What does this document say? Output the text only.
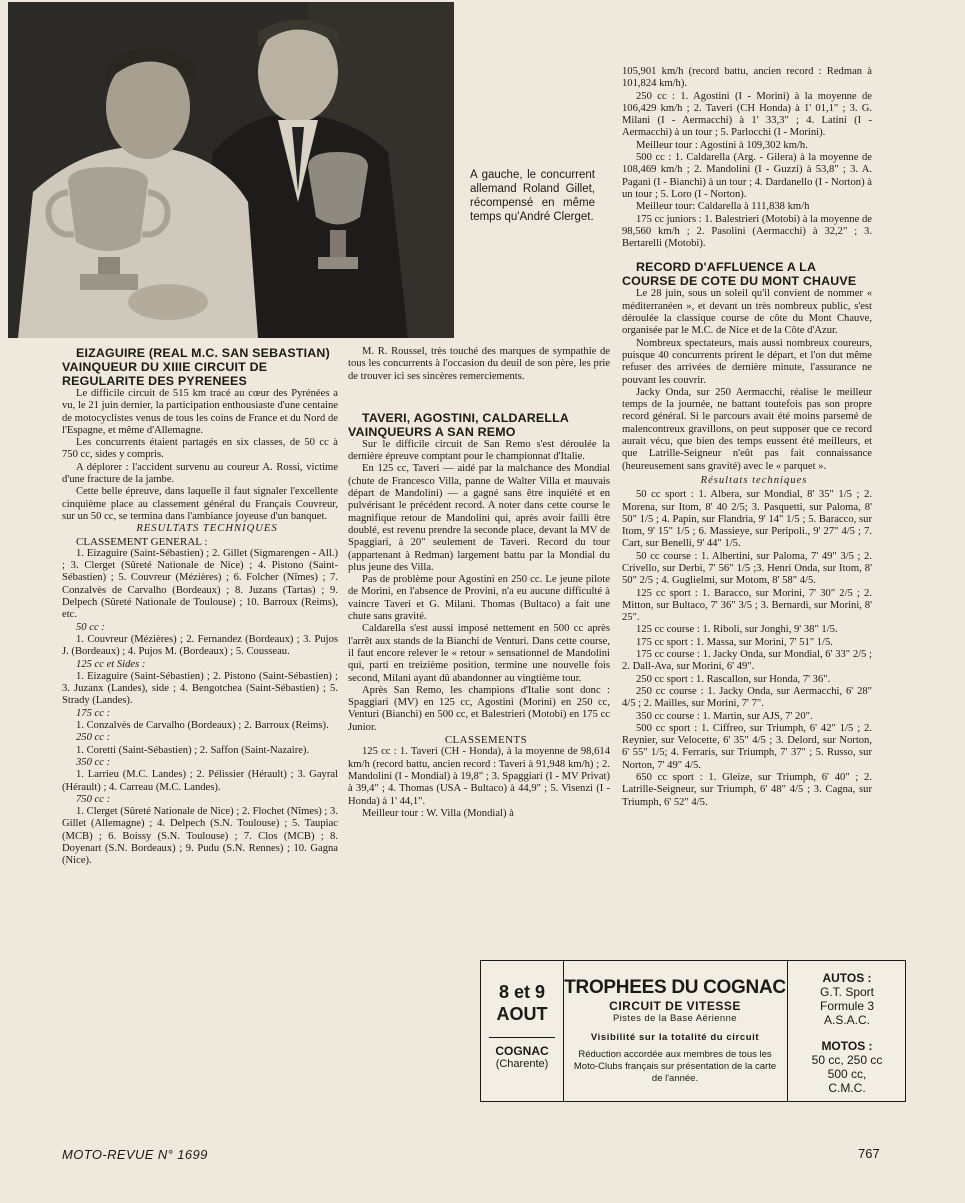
A gauche, le concurrent allemand Roland Gillet, récompensé en même temps qu'André Clerget.

EIZAGUIRE (REAL M.C. SAN SEBASTIAN) VAINQUEUR DU XIIIE CIRCUIT DE REGULARITE DES PYRENEES

Le difficile circuit de 515 km tracé au cœur des Pyrénées a vu, le 21 juin dernier, la participation enthousiaste d'une centaine de motocyclistes venus de tous les coins de France et du Nord de l'Espagne, et même d'Allemagne.

Les concurrents étaient partagés en six classes, de 50 cc à 750 cc, sides y compris.

A déplorer : l'accident survenu au coureur A. Rossi, victime d'une fracture de la jambe.

Cette belle épreuve, dans laquelle il faut signaler l'excellente cinquième place au classement général du Français Couvreur, sur un 50 cc, se termina dans l'ambiance joyeuse d'un banquet.

RESULTATS TECHNIQUES

CLASSEMENT GENERAL :

1. Eizaguire (Saint-Sébastien) ; 2. Gillet (Sigmarengen - All.) ; 3. Clerget (Sûreté Nationale de Nice) ; 4. Pistono (Saint-Sébastien) ; 5. Couvreur (Mézières) ; 6. Folcher (Nîmes) ; 7. Conzalvès de Carvalho (Bordeaux) ; 8. Juzans (Tartas) ; 9. Delpech (Sûreté Nationale de Toulouse) ; 10. Barroux (Reims), etc.

50 cc :

1. Couvreur (Mézières) ; 2. Fernandez (Bordeaux) ; 3. Pujos J. (Bordeaux) ; 4. Pujos M. (Bordeaux) ; 5. Cousseau.

125 cc et Sides :

1. Eizaguire (Saint-Sébastien) ; 2. Pistono (Saint-Sébastien) ; 3. Juzanx (Landes), side ; 4. Bengotchea (Saint-Sébastien) ; 5. Strady (Landes).

175 cc :

1. Conzalvès de Carvalho (Bordeaux) ; 2. Barroux (Reims).

250 cc :

1. Coretti (Saint-Sébastien) ; 2. Saffon (Saint-Nazaire).

350 cc :

1. Larrieu (M.C. Landes) ; 2. Pélissier (Hérault) ; 3. Gayral (Hérault) ; 4. Carreau (M.C. Landes).

750 cc :

1. Clerget (Sûreté Nationale de Nice) ; 2. Flochet (Nîmes) ; 3. Gillet (Allemagne) ; 4. Delpech (S.N. Toulouse) ; 5. Taupiac (MCB) ; 6. Boissy (S.N. Toulouse) ; 7. Clos (MCB) ; 8. Doyenart (S.N. Bordeaux) ; 9. Pudu (S.N. Rennes) ; 10. Gagna (Nice).

M. R. Roussel, très touché des marques de sympathie de tous les concurrents à l'occasion du deuil de son père, les prie de trouver ici ses sincères remerciements.

TAVERI, AGOSTINI, CALDARELLA VAINQUEURS A SAN REMO

Sur le difficile circuit de San Remo s'est déroulée la dernière épreuve comptant pour le championnat d'Italie.

En 125 cc, Taveri — aidé par la malchance des Mondial (chute de Francesco Villa, panne de Walter Villa et mauvais départ de Mandolini) — a gagné sans être inquiété et en pulvérisant le précédent record. A noter dans cette course le magnifique retour de Mandolini qui, après avoir failli être doublé, est revenu prendre la seconde place, devant la MV de Spaggiari, à 20" seulement de Taveri. Record du tour (appartenant à Redman) largement battu par la Mondial du plus jeune des Villa.

Pas de problème pour Agostini en 250 cc. Le jeune pilote de Morini, en l'absence de Provini, n'a eu aucune difficulté à vaincre Taveri et G. Milani. Thomas (Bultaco) a fait une chute sans gravité.

Caldarella s'est aussi imposé nettement en 500 cc après l'arrêt aux stands de la Bianchi de Venturi. Dans cette course, il faut encore relever le « retour » sensationnel de Mandolini qui, parti en treizième position, termine une nouvelle fois second, Milani ayant dû abandonner au vingtième tour.

Après San Remo, les champions d'Italie sont donc : Spaggiari (MV) en 125 cc, Agostini (Morini) en 250 cc, Venturi (Bianchi) en 500 cc, et Balestrieri (Motobi) en 175 cc Junior.

CLASSEMENTS

125 cc : 1. Taveri (CH - Honda), à la moyenne de 98,614 km/h (record battu, ancien record : Taveri à 91,948 km/h) ; 2. Mandolini (I - Mondial) à 19,8" ; 3. Spaggiari (I - MV Privat) à 39,4" ; 4. Thomas (USA - Bultaco) à 44,9" ; 5. Visenzi (I - Honda) à 1' 44,1".

Meilleur tour : W. Villa (Mondial) à

105,901 km/h (record battu, ancien record : Redman à 101,824 km/h).

250 cc : 1. Agostini (I - Morini) à la moyenne de 106,429 km/h ; 2. Taveri (CH Honda) à 1' 01,1" ; 3. G. Milani (I - Aermacchi) à 1' 33,3" ; 4. Latini (I - Aermacchi) à un tour ; 5. Parlocchi (I - Morini).

Meilleur tour : Agostini à 109,302 km/h.

500 cc : 1. Caldarella (Arg. - Gilera) à la moyenne de 108,469 km/h ; 2. Mandolini (I - Guzzi) à 53,8" ; 3. A. Pagani (I - Bianchi) à un tour ; 4. Dardanello (I - Norton) à un tour ; 5. Loro (I - Norton).

Meilleur tour: Caldarella à 111,838 km/h

175 cc juniors : 1. Balestrieri (Motobi) à la moyenne de 98,560 km/h ; 2. Pasolini (Aermacchi) à 32,2" ; 3. Bertarelli (Motobi).

RECORD D'AFFLUENCE A LA COURSE DE COTE DU MONT CHAUVE

Le 28 juin, sous un soleil qu'il convient de nommer « méditerranéen », et devant un très nombreux public, s'est déroulée la classique course de côte du Mont Chauve, organisée par le M.C. de Nice et de la Côte d'Azur.

Nombreux spectateurs, mais aussi nombreux coureurs, puisque 40 concurrents prirent le départ, et l'on dut même refuser des arrivées de dernière minute, l'assurance ne pouvant les couvrir.

Jacky Onda, sur 250 Aermacchi, réalise le meilleur temps de la journée, ne battant toutefois pas son propre record général. Si le parcours avait été moins parsemé de malencontreux gravillons, on peut supposer que ce record aurait vécu, que bien des temps eussent été meilleurs, et que Latrille-Seigneur n'eût pas fait connaissance (heureusement sans gravité) avec le « parquet ».

Résultats techniques

50 cc sport : 1. Albera, sur Mondial, 8' 35" 1/5 ; 2. Morena, sur Itom, 8' 40 2/5; 3. Pasquetti, sur Paloma, 8' 50" 1/5 ; 4. Papin, sur Flandria, 9' 14" 1/5 ; 5. Baracco, sur Itom, 9' 15" 1/5 ; 6. Massieye, sur Peripoli., 9' 27" 4/5 ; 7. Cart, sur Benelli, 9' 44" 1/5.

50 cc course : 1. Albertini, sur Paloma, 7' 49" 3/5 ; 2. Crivello, sur Derbi, 7' 56" 1/5 ;3. Henri Onda, sur Itom, 8' 50" 2/5 ; 4. Guglielmi, sur Motom, 8' 58" 4/5.

125 cc sport : 1. Baracco, sur Morini, 7' 30" 2/5 ; 2. Mitton, sur Bultaco, 7' 36" 3/5 ; 3. Bernardi, sur Morini, 8' 25".

125 cc course : 1. Riboli, sur Jonghi, 9' 38" 1/5.

175 cc sport : 1. Massa, sur Morini, 7' 51" 1/5.

175 cc course : 1. Jacky Onda, sur Mondial, 6' 33" 2/5 ; 2. Dall-Ava, sur Morini, 6' 49".

250 cc sport : 1. Rascallon, sur Honda, 7' 36".

250 cc course : 1. Jacky Onda, sur Aermacchi, 6' 28" 4/5 ; 2. Mailles, sur Morini, 7' 7".

350 cc course : 1. Martin, sur AJS, 7' 20".

500 cc sport : 1. Ciffreo, sur Triumph, 6' 42" 1/5 ; 2. Reynier, sur Velocette, 6' 35" 4/5 ; 3. Delord, sur Norton, 6' 55" 1/5; 4. Ferraris, sur Triumph, 7' 37" ; 5. Russo, sur Norton, 7' 49" 4/5.

650 cc sport : 1. Gleize, sur Triumph, 6' 40" ; 2. Latrille-Seigneur, sur Triumph, 6' 48" 4/5 ; 3. Cagna, sur Triumph, 6' 52" 4/5.

8 et 9
AOUT
COGNAC
(Charente)
TROPHEES DU COGNAC
CIRCUIT DE VITESSE
Pistes de la Base Aérienne
Visibilité sur la totalité du circuit
Réduction accordée aux membres de tous les Moto-Clubs français sur présentation de la carte de l'année.
AUTOS :
G.T. Sport
Formule 3
A.S.A.C.
MOTOS :
50 cc, 250 cc
500 cc,
C.M.C.
MOTO-REVUE N° 1699	767
